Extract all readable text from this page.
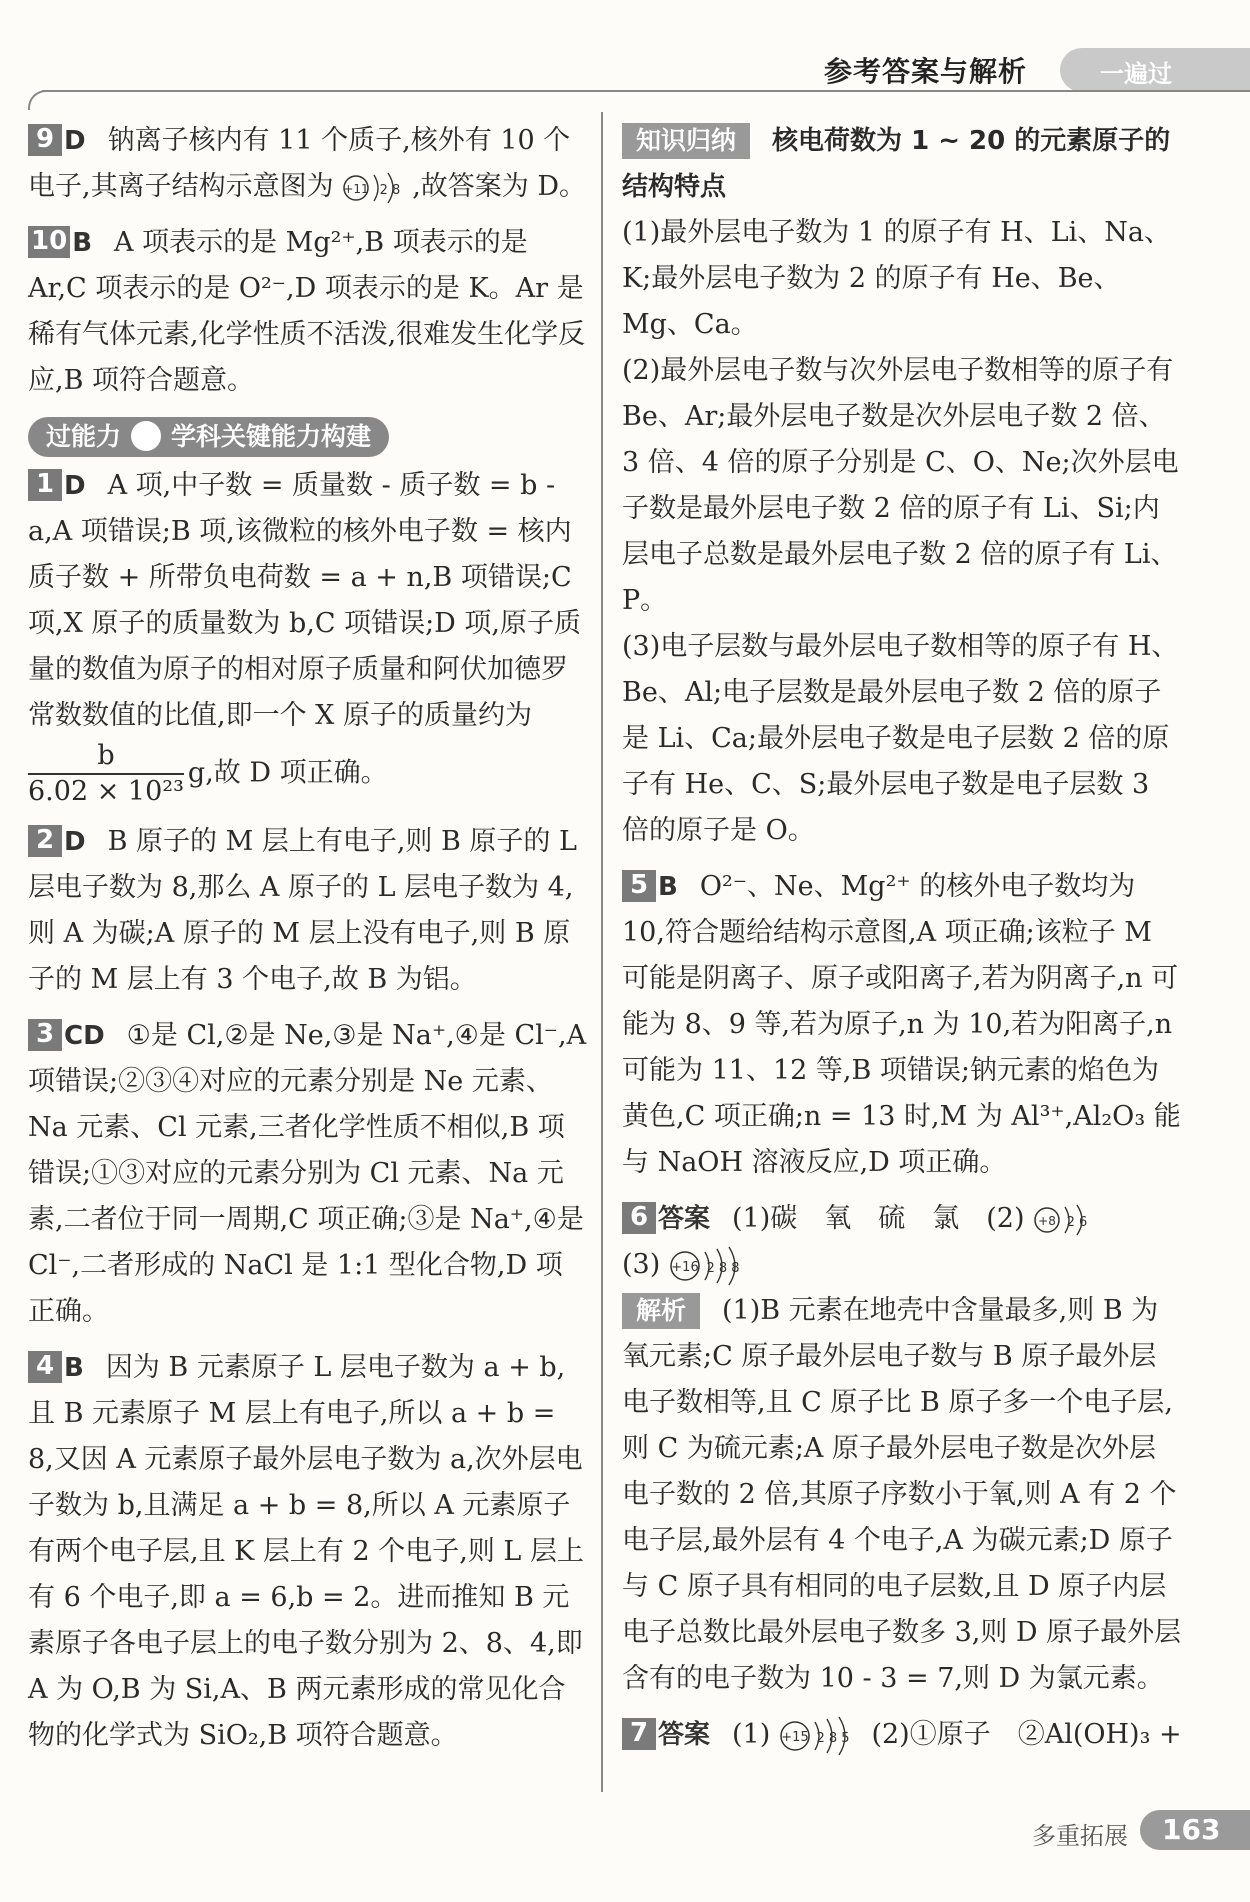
参考答案与解析	一遍过

9 D 钠离子核内有 11 个质子,核外有 10 个电子,其离子结构示意图为 +11 2 8 ,故答案为 D。

10 B A 项表示的是 Mg²⁺,B 项表示的是 Ar,C 项表示的是 O²⁻,D 项表示的是 K。Ar 是稀有气体元素,化学性质不活泼,很难发生化学反应,B 项符合题意。

过能力 学科关键能力构建

1 D A 项,中子数 = 质量数 - 质子数 = b - a,A 项错误;B 项,该微粒的核外电子数 = 核内质子数 + 所带负电荷数 = a + n,B 项错误;C 项,X 原子的质量数为 b,C 项错误;D 项,原子质量的数值为原子的相对原子质量和阿伏加德罗常数数值的比值,即一个 X 原子的质量约为

$\frac{b}{\text{6.02 × 10²³}} g$,故 D 项正确。

2 D B 原子的 M 层上有电子,则 B 原子的 L 层电子数为 8,那么 A 原子的 L 层电子数为 4,则 A 为碳;A 原子的 M 层上没有电子,则 B 原子的 M 层上有 3 个电子,故 B 为铝。

3 CD ①是 Cl,②是 Ne,③是 Na⁺,④是 Cl⁻,A 项错误;②③④对应的元素分别是 Ne 元素、Na 元素、Cl 元素,三者化学性质不相似,B 项错误;①③对应的元素分别为 Cl 元素、Na 元素,二者位于同一周期,C 项正确;③是 Na⁺,④是 Cl⁻,二者形成的 NaCl 是 1:1 型化合物,D 项正确。

4 B 因为 B 元素原子 L 层电子数为 a + b,且 B 元素原子 M 层上有电子,所以 a + b = 8,又因 A 元素原子最外层电子数为 a,次外层电子数为 b,且满足 a + b = 8,所以 A 元素原子有两个电子层,且 K 层上有 2 个电子,则 L 层上有 6 个电子,即 a = 6,b = 2。进而推知 B 元素原子各电子层上的电子数分别为 2、8、4,即 A 为 O,B 为 Si,A、B 两元素形成的常见化合物的化学式为 SiO₂,B 项符合题意。

知识归纳 核电荷数为 1 ~ 20 的元素原子的结构特点

(1)最外层电子数为 1 的原子有 H、Li、Na、K;最外层电子数为 2 的原子有 He、Be、Mg、Ca。

(2)最外层电子数与次外层电子数相等的原子有 Be、Ar;最外层电子数是次外层电子数 2 倍、3 倍、4 倍的原子分别是 C、O、Ne;次外层电子数是最外层电子数 2 倍的原子有 Li、Si;内层电子总数是最外层电子数 2 倍的原子有 Li、P。

(3)电子层数与最外层电子数相等的原子有 H、Be、Al;电子层数是最外层电子数 2 倍的原子是 Li、Ca;最外层电子数是电子层数 2 倍的原子有 He、C、S;最外层电子数是电子层数 3 倍的原子是 O。

5 B O²⁻、Ne、Mg²⁺ 的核外电子数均为 10,符合题给结构示意图,A 项正确;该粒子 M 可能是阴离子、原子或阳离子,若为阴离子,n 可能为 8、9 等,若为原子,n 为 10,若为阳离子,n 可能为 11、12 等,B 项错误;钠元素的焰色为黄色,C 项正确;n = 13 时,M 为 Al³⁺,Al₂O₃ 能与 NaOH 溶液反应,D 项正确。

6 答案 (1)碳　氧　硫　氯　(2) +8 2 6

(3) +16 2 8 8

解析 (1)B 元素在地壳中含量最多,则 B 为氧元素;C 原子最外层电子数与 B 原子最外层电子数相等,且 C 原子比 B 原子多一个电子层,则 C 为硫元素;A 原子最外层电子数是次外层电子数的 2 倍,其原子序数小于氧,则 A 有 2 个电子层,最外层有 4 个电子,A 为碳元素;D 原子与 C 原子具有相同的电子层数,且 D 原子内层电子总数比最外层电子数多 3,则 D 原子最外层含有的电子数为 10 - 3 = 7,则 D 为氯元素。

7 答案 (1) +15 2 8 5 (2)①原子　②Al(OH)₃ +

多重拓展 163
